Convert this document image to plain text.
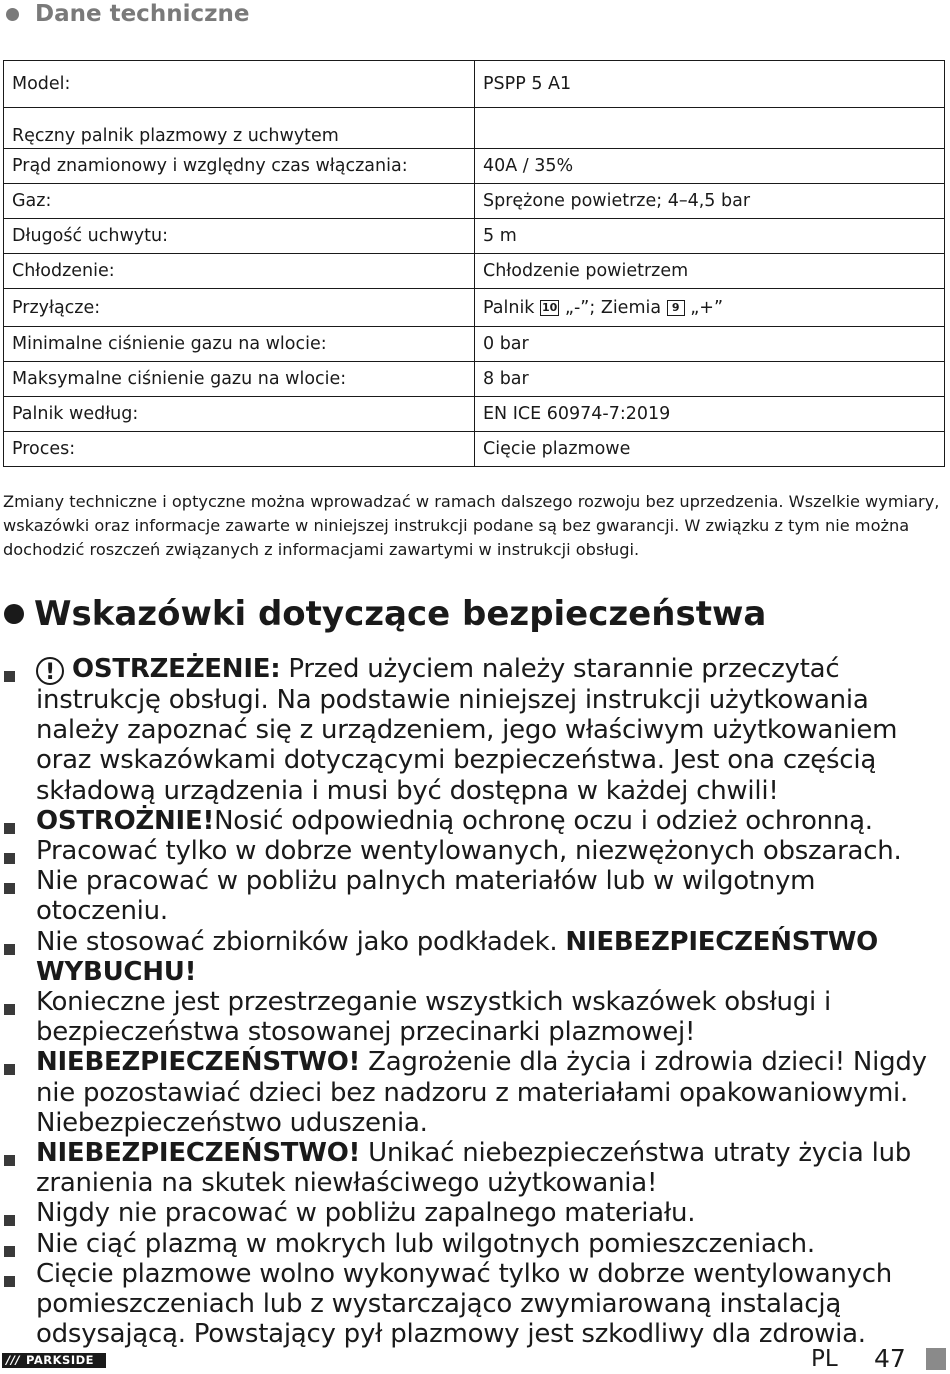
Dane techniczne
Model:	PSPP 5 A1
Ręczny palnik plazmowy z uchwytem	
Prąd znamionowy i względny czas włączania:	40A / 35%
Gaz:	Sprężone powietrze; 4–4,5 bar
Długość uchwytu:	5 m
Chłodzenie:	Chłodzenie powietrzem
Przyłącze:	Palnik 10 „-”; Ziemia 9 „+”
Minimalne ciśnienie gazu na wlocie:	0 bar
Maksymalne ciśnienie gazu na wlocie:	8 bar
Palnik według:	EN ICE 60974-7:2019
Proces:	Cięcie plazmowe
Zmiany techniczne i optyczne można wprowadzać w ramach dalszego rozwoju bez uprzedzenia. Wszelkie wymiary, wskazówki oraz informacje zawarte w niniejszej instrukcji podane są bez gwarancji. W związku z tym nie można dochodzić roszczeń związanych z informacjami zawartymi w instrukcji obsługi.
Wskazówki dotyczące bezpieczeństwa
! OSTRZEŻENIE: Przed użyciem należy starannie przeczytać instrukcję obsługi. Na podstawie niniejszej instrukcji użytkowania należy zapoznać się z urządzeniem, jego właściwym użytkowaniem oraz wskazówkami dotyczącymi bezpieczeństwa. Jest ona częścią składową urządzenia i musi być dostępna w każdej chwili!
OSTROŻNIE!Nosić odpowiednią ochronę oczu i odzież ochronną.
Pracować tylko w dobrze wentylowanych, niezwężonych obszarach.
Nie pracować w pobliżu palnych materiałów lub w wilgotnym otoczeniu.
Nie stosować zbiorników jako podkładek. NIEBEZPIECZEŃSTWO WYBUCHU!
Konieczne jest przestrzeganie wszystkich wskazówek obsługi i bezpieczeństwa stosowanej przecinarki plazmowej!
NIEBEZPIECZEŃSTWO! Zagrożenie dla życia i zdrowia dzieci! Nigdy nie pozostawiać dzieci bez nadzoru z materiałami opakowaniowymi. Niebezpieczeństwo uduszenia.
NIEBEZPIECZEŃSTWO! Unikać niebezpieczeństwa utraty życia lub zranienia na skutek niewłaściwego użytkowania!
Nigdy nie pracować w pobliżu zapalnego materiału.
Nie ciąć plazmą w mokrych lub wilgotnych pomieszczeniach.
Cięcie plazmowe wolno wykonywać tylko w dobrze wentylowanych pomieszczeniach lub z wystarczająco zwymiarowaną instalacją odsysającą. Powstający pył plazmowy jest szkodliwy dla zdrowia.
/// PARKSIDE	PL 47
